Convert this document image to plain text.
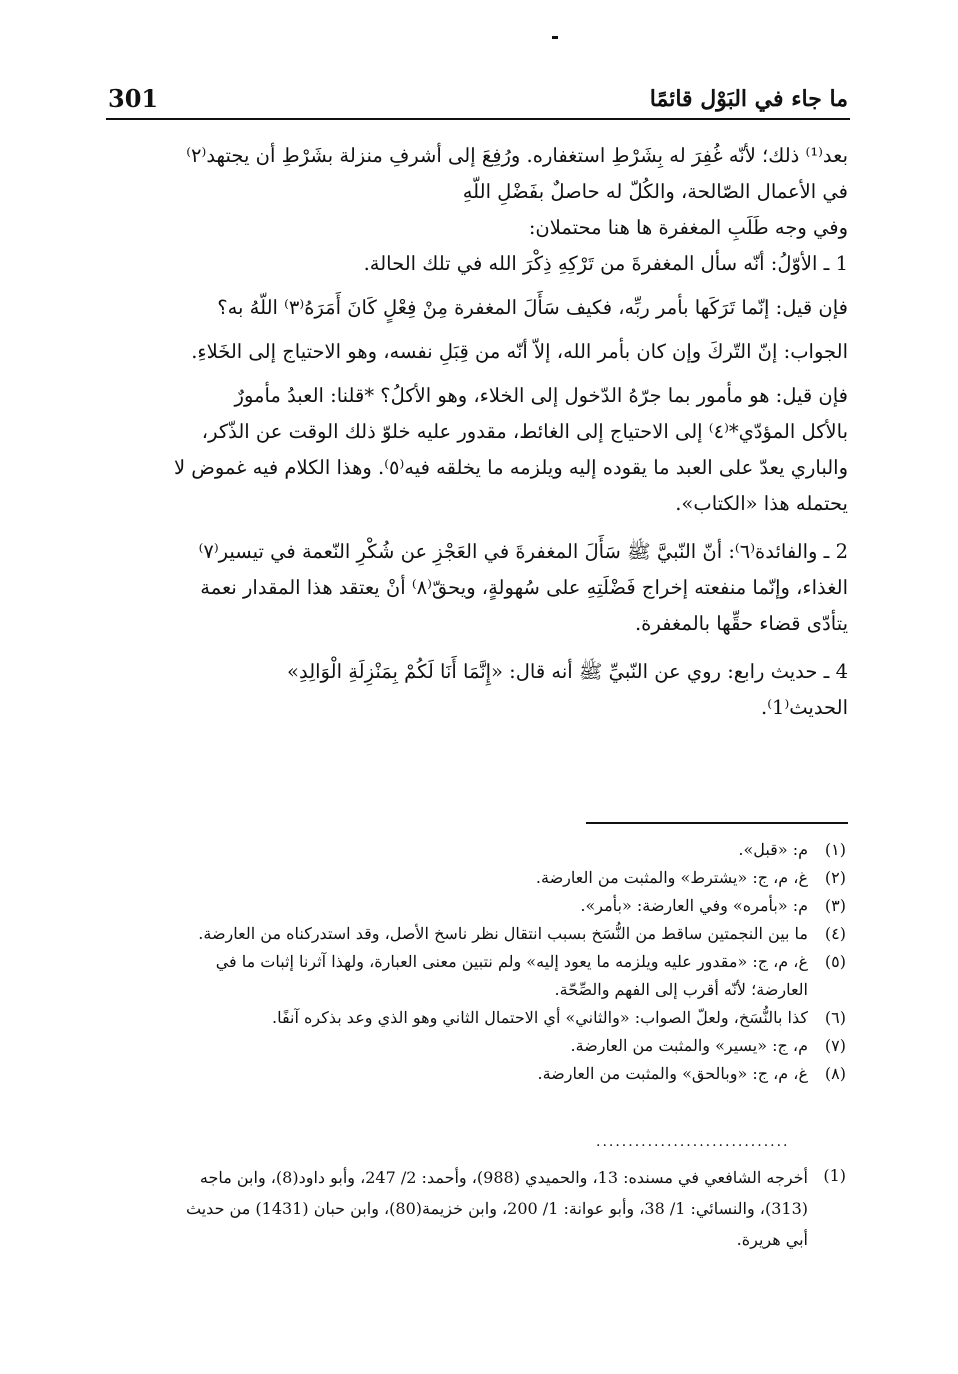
301	ما جاء في البَوْل قائمًا

بعد⁽¹⁾ ذلك؛ لأنّه غُفِرَ له بِشَرْطِ استغفاره. ورُفِعَ إلى أشرفِ منزلة بشَرْطِ أن يجتهد⁽٢⁾

في الأعمال الصّالحة، والكُلّ له حاصلٌ بفَضْلِ اللّهِ

وفي وجه طَلَبِ المغفرة ها هنا محتملان:

1 ـ الأوّلُ: أنّه سأل المغفرةَ من تَرْكِهِ ذِكْرَ الله في تلك الحالة.

فإن قيل: إنّما تَرَكَها بأمر ربِّه، فكيف سَأَلَ المغفرة مِنْ فِعْلٍ كَانَ أَمَرَهُ⁽٣⁾ اللّهُ به؟

الجواب: إنّ التّركَ وإن كان بأمر الله، إلاّ أنّه من قِبَلِ نفسه، وهو الاحتياج إلى الخَلاءِ.

فإن قيل: هو مأمور بما جرّهُ الدّخول إلى الخلاء، وهو الأكلُ؟ *قلنا: العبدُ مأمورٌ

بالأكل المؤدّي*⁽٤⁾ إلى الاحتياج إلى الغائط، مقدور عليه خلوّ ذلك الوقت عن الذّكر،

والباري يعدّ على العبد ما يقوده إليه ويلزمه ما يخلقه فيه⁽٥⁾. وهذا الكلام فيه غموض لا

يحتمله هذا «الكتاب».

2 ـ والفائدة⁽٦⁾: أنّ النّبيَّ ﷺ سَأَلَ المغفرةَ في العَجْزِ عن شُكْرِ النّعمة في تيسير⁽٧⁾

الغذاء، وإنّما منفعته إخراج فَضْلَتِهِ على سُهولةٍ، ويحقّ⁽٨⁾ أنْ يعتقد هذا المقدار نعمة

يتأدّى قضاء حقِّها بالمغفرة.

4 ـ حديث رابع: روي عن النّبيِّ ﷺ أنه قال: «إِنَّمَا أَنَا لَكُمْ بِمَنْزِلَةِ الْوَالِدِ»

الحديث⁽1⁾.

(١)
م: «قبل».
(٢)
غ، م، ج: «يشترط» والمثبت من العارضة.
(٣)
م: «بأمره» وفي العارضة: «بأمر».
(٤)
ما بين النجمتين ساقط من النُّسَخ بسبب انتقال نظر ناسخ الأصل، وقد استدركناه من العارضة.
(٥)
غ، م، ج: «مقدور عليه ويلزمه ما يعود إليه» ولم نتبين معنى العبارة، ولهذا آثرنا إثبات ما في
العارضة؛ لأنّه أقرب إلى الفهم والصِّحّة.
(٦)
كذا بالنُّسَخ، ولعلّ الصواب: «والثاني» أي الاحتمال الثاني وهو الذي وعد بذكره آنفًا.
(٧)
م، ج: «يسير» والمثبت من العارضة.
(٨)
غ، م، ج: «وبالحق» والمثبت من العارضة.
..............................
(1)
أخرجه الشافعي في مسنده: 13، والحميدي (988)، وأحمد: 2/ 247، وأبو داود(8)، وابن ماجه
(313)، والنسائي: 1/ 38، وأبو عوانة: 1/ 200، وابن خزيمة(80)، وابن حبان (1431) من حديث
أبي هريرة.
